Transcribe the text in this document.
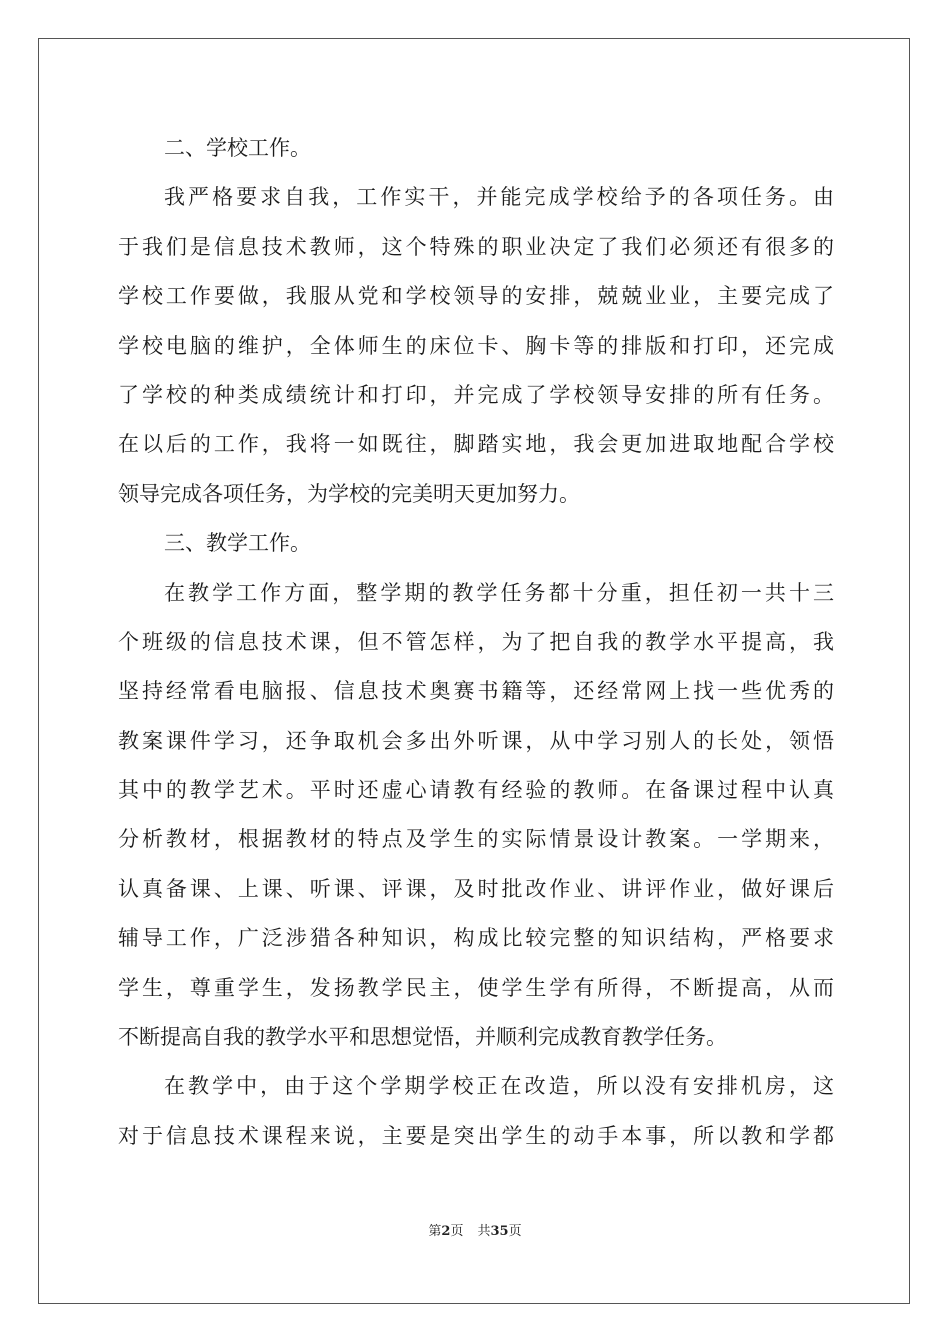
二、学校工作。
我严格要求自我，工作实干，并能完成学校给予的各项任务。由
于我们是信息技术教师，这个特殊的职业决定了我们必须还有很多的
学校工作要做，我服从党和学校领导的安排，兢兢业业，主要完成了
学校电脑的维护，全体师生的床位卡、胸卡等的排版和打印，还完成
了学校的种类成绩统计和打印，并完成了学校领导安排的所有任务。
在以后的工作，我将一如既往，脚踏实地，我会更加进取地配合学校
领导完成各项任务，为学校的完美明天更加努力。
三、教学工作。
在教学工作方面，整学期的教学任务都十分重，担任初一共十三
个班级的信息技术课，但不管怎样，为了把自我的教学水平提高，我
坚持经常看电脑报、信息技术奥赛书籍等，还经常网上找一些优秀的
教案课件学习，还争取机会多出外听课，从中学习别人的长处，领悟
其中的教学艺术。平时还虚心请教有经验的教师。在备课过程中认真
分析教材，根据教材的特点及学生的实际情景设计教案。一学期来，
认真备课、上课、听课、评课，及时批改作业、讲评作业，做好课后
辅导工作，广泛涉猎各种知识，构成比较完整的知识结构，严格要求
学生，尊重学生，发扬教学民主，使学生学有所得，不断提高，从而
不断提高自我的教学水平和思想觉悟，并顺利完成教育教学任务。
在教学中，由于这个学期学校正在改造，所以没有安排机房，这
对于信息技术课程来说，主要是突出学生的动手本事，所以教和学都
第2页 共35页
